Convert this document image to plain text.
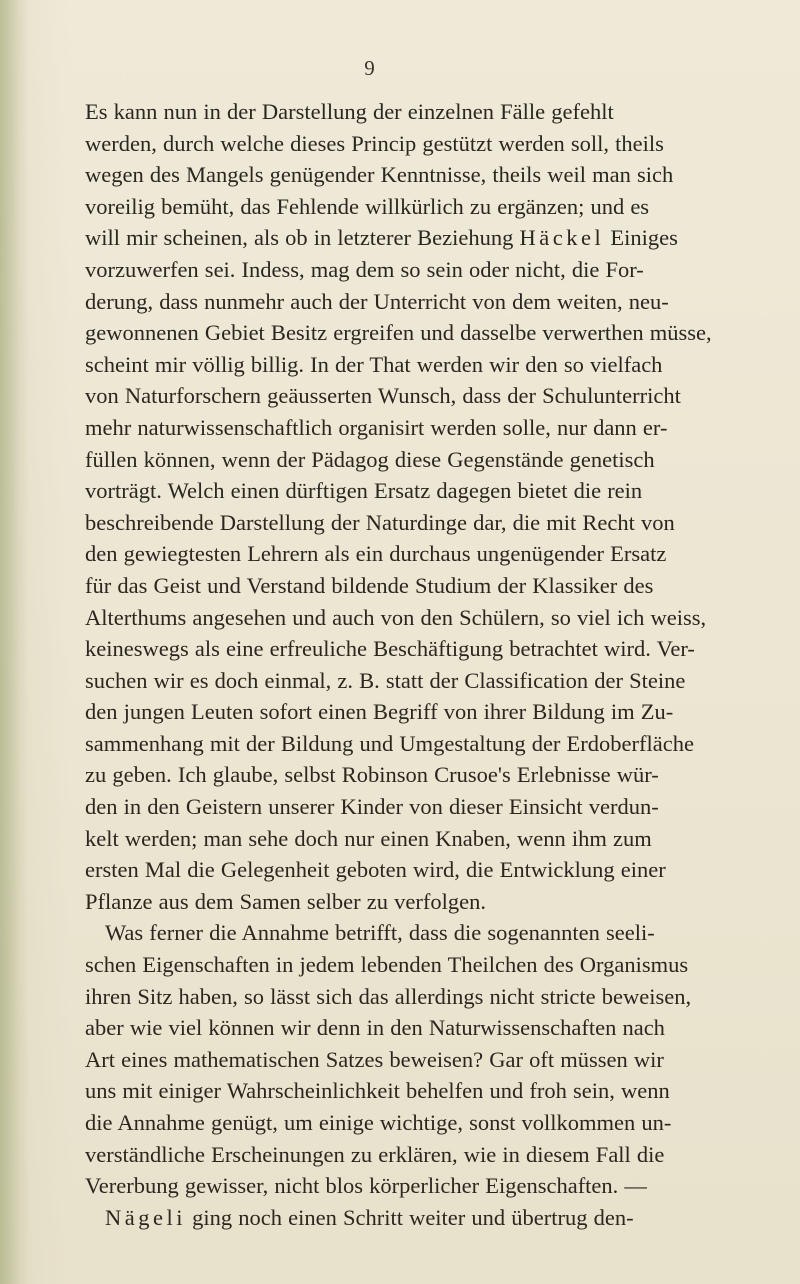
9
Es kann nun in der Darstellung der einzelnen Fälle gefehlt
werden, durch welche dieses Princip gestützt werden soll, theils
wegen des Mangels genügender Kenntnisse, theils weil man sich
voreilig bemüht, das Fehlende willkürlich zu ergänzen; und es
will mir scheinen, als ob in letzterer Beziehung Häckel Einiges
vorzuwerfen sei. Indess, mag dem so sein oder nicht, die For-
derung, dass nunmehr auch der Unterricht von dem weiten, neu-
gewonnenen Gebiet Besitz ergreifen und dasselbe verwerthen müsse,
scheint mir völlig billig. In der That werden wir den so vielfach
von Naturforschern geäusserten Wunsch, dass der Schulunterricht
mehr naturwissenschaftlich organisirt werden solle, nur dann er-
füllen können, wenn der Pädagog diese Gegenstände genetisch
vorträgt. Welch einen dürftigen Ersatz dagegen bietet die rein
beschreibende Darstellung der Naturdinge dar, die mit Recht von
den gewiegtesten Lehrern als ein durchaus ungenügender Ersatz
für das Geist und Verstand bildende Studium der Klassiker des
Alterthums angesehen und auch von den Schülern, so viel ich weiss,
keineswegs als eine erfreuliche Beschäftigung betrachtet wird. Ver-
suchen wir es doch einmal, z. B. statt der Classification der Steine
den jungen Leuten sofort einen Begriff von ihrer Bildung im Zu-
sammenhang mit der Bildung und Umgestaltung der Erdoberfläche
zu geben. Ich glaube, selbst Robinson Crusoe's Erlebnisse wür-
den in den Geistern unserer Kinder von dieser Einsicht verdun-
kelt werden; man sehe doch nur einen Knaben, wenn ihm zum
ersten Mal die Gelegenheit geboten wird, die Entwicklung einer
Pflanze aus dem Samen selber zu verfolgen.
Was ferner die Annahme betrifft, dass die sogenannten seeli-
schen Eigenschaften in jedem lebenden Theilchen des Organismus
ihren Sitz haben, so lässt sich das allerdings nicht stricte beweisen,
aber wie viel können wir denn in den Naturwissenschaften nach
Art eines mathematischen Satzes beweisen? Gar oft müssen wir
uns mit einiger Wahrscheinlichkeit behelfen und froh sein, wenn
die Annahme genügt, um einige wichtige, sonst vollkommen un-
verständliche Erscheinungen zu erklären, wie in diesem Fall die
Vererbung gewisser, nicht blos körperlicher Eigenschaften. —
Nägeli ging noch einen Schritt weiter und übertrug den-
